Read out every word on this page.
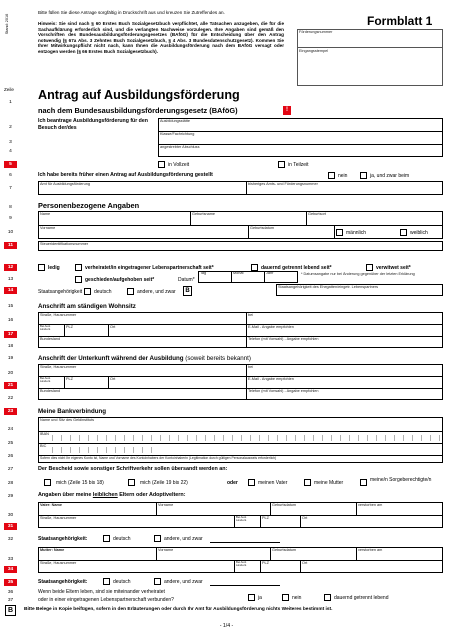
Stand: 2016
Zeile
Bitte füllen Sie diese Antrage sorgfältig in Druckschrift aus und kreuzen Sie Zutreffendes an.
Hinweis: Sie sind nach § 60 Erstes Buch Sozialgesetzbuch verpflichtet, alle Tatsachen anzugeben, die für die Sachaufklärung erforderlich sind, und die verlangten Nachweise vorzulegen. Ihre Angaben sind gemäß den Vorschriften des Bundesausbildungsförderungsgesetzes (BAföG) für die Entscheidung über den Antrag notwendig (§ 67a Abs. 3 Zehntes Buch Sozialgesetzbuch, § 4 Abs. 3 Bundesdatenschutzgesetz). Kommen Sie Ihrer Mitwirkungspflicht nicht nach, kann Ihnen die Ausbildungsförderung nach dem BAföG versagt oder entzogen werden (§ 66 Erstes Buch Sozialgesetzbuch).
Formblatt 1
Förderungsnummer
Eingangsstempel
1
Antrag auf Ausbildungsförderung
nach dem Bundesausbildungsförderungsgesetz (BAföG)	!
2
3
4
Ich beantrage Ausbildungsförderung für den Besuch der/des
Ausbildungsstätte
Klasse/Fachrichtung
angestrebter Abschluss
5	in Vollzeit	in Teilzeit
6
7
Ich habe bereits früher einen Antrag auf Ausbildungsförderung gestellt	nein	ja, und zwar beim
Amt für Ausbildungsförderung	bisheriges Amts- und Förderungsnummer
8	Personenbezogene Angaben
9
10
Name	Geburtsname	Geburtsort
Vorname	Geburtsdatum
männlich	weiblich
11	Steueridentifikationsnummer
12	ledig	verheiratet/in eingetragener Lebenspartnerschaft seit*	dauernd getrennt lebend seit*	verwitwet seit*
13	geschieden/aufgehoben seit*	Datum*
Tag	Monat	Jahr	* Datumsangabe nur bei Änderung gegenüber der letzten Erklärung
14	Staatsangehörigkeit deutsch	andere, und zwar	B
Staatsangehörigkeit des Ehegatten/eingetr. Lebenspartners
15	Anschrift am ständigen Wohnsitz
16
17
18
Straße, Hausnummer	bei
Bei Ausl. Länderk.
PLZ	Ort	E-Mail - Angabe empfohlen
Bundesland	Telefon (mit Vorwahl) - Angabe empfohlen
19	Anschrift der Unterkunft während der Ausbildung (soweit bereits bekannt)
20
21
22
Straße, Hausnummer	bei
Bei Ausl. Länderk.
PLZ	Ort	E-Mail - Angabe empfohlen
Bundesland	Telefon (mit Vorwahl) - Angabe empfohlen
23	Meine Bankverbindung
24
25
26
Name und Sitz des Geldinstituts
IBAN
BIC
Sofern dies nicht Ihr eigenes Konto ist, Name und Vorname des Kontoinhabers der Kontoinhaberin (Legitimation durch gültigen Personalausweis erforderlich)
27	Der Bescheid sowie sonstiger Schriftverkehr sollen übersandt werden an:
28	mich (Zeile 15 bis 18)	mich (Zeile 19 bis 22)	oder	meinen Vater	meine Mutter	meine/n Sorgeberechtigte/n
29	Angaben über meine leiblichen Eltern oder Adoptiveltern:
30
31
Vater: Name	Vorname	Geburtsdatum	verstorben am
Straße, Hausnummer	Bei Ausl. Länderk.
PLZ	Ort
32	Staatsangehörigkeit:	deutsch	andere, und zwar
33
34
Mutter: Name	Vorname	Geburtsdatum	verstorben am
Straße, Hausnummer	Bei Ausl. Länderk.
PLZ	Ort
35	Staatsangehörigkeit:	deutsch	andere, und zwar
36
37
Wenn beide Eltern leben, sind sie miteinander verheiratet
oder in einer eingetragenen Lebenspartnerschaft verbunden?	ja	nein	dauernd getrennt lebend
B	Bitte Belege in Kopie beifügen, sofern in den Erläuterungen oder durch Ihr Amt für Ausbildungsförderung nichts Weiteres bestimmt ist.
- 1/4 -
